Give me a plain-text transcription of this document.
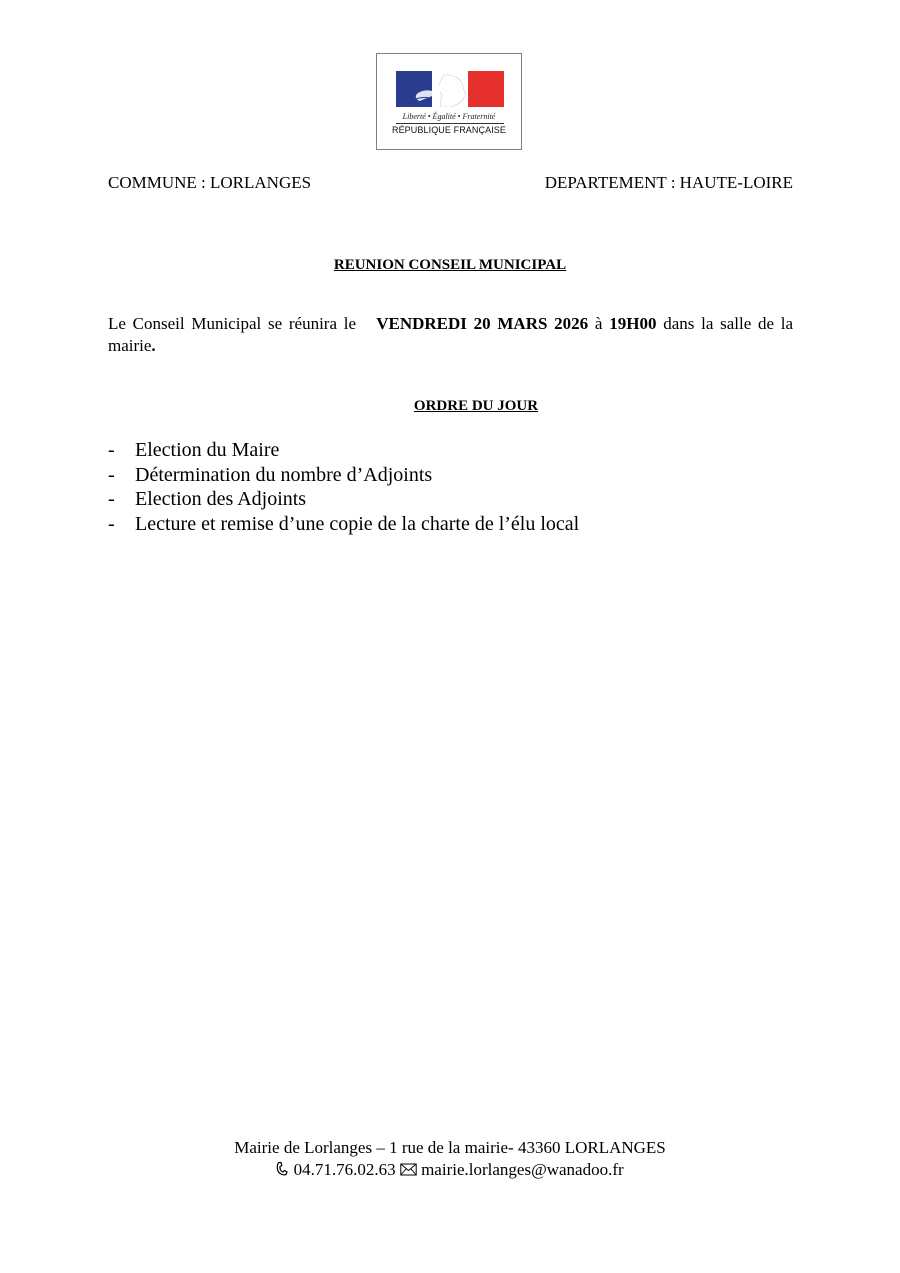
Liberté • Égalité • Fraternité
RÉPUBLIQUE FRANÇAISE
COMMUNE : LORLANGES	DEPARTEMENT : HAUTE-LOIRE
REUNION CONSEIL MUNICIPAL
Le Conseil Municipal se réunira le VENDREDI 20 MARS 2026 à 19H00 dans la salle de la mairie.
ORDRE DU JOUR
- Election du Maire
- Détermination du nombre d’Adjoints
- Election des Adjoints
- Lecture et remise d’une copie de la charte de l’élu local
Mairie de Lorlanges – 1 rue de la mairie- 43360 LORLANGES
04.71.76.02.63 mairie.lorlanges@wanadoo.fr
